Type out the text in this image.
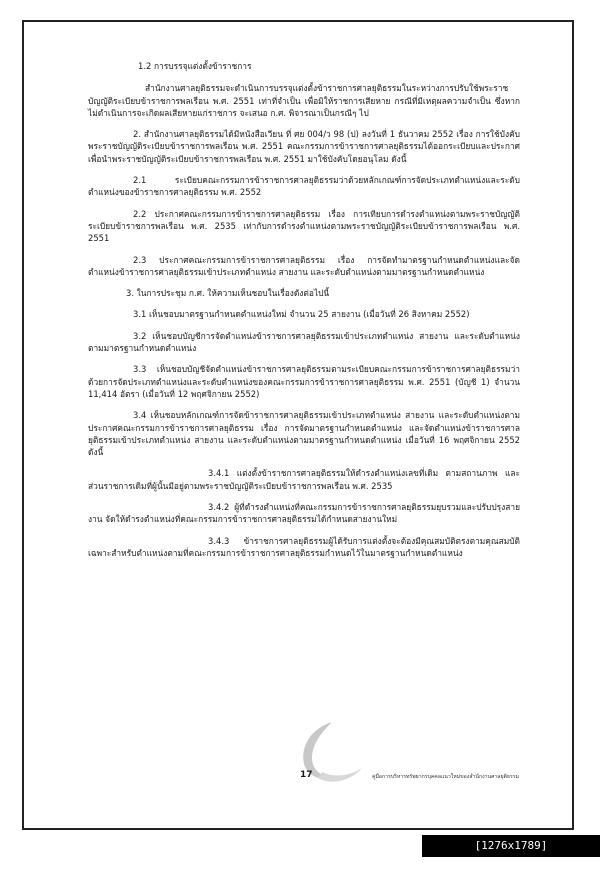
1.2 การบรรจุแต่งตั้งข้าราชการ

สำนักงานศาลยุติธรรมจะดำเนินการบรรจุแต่งตั้งข้าราชการศาลยุติธรรมในระหว่างการปรับใช้พระราชบัญญัติระเบียบข้าราชการพลเรือน พ.ศ. 2551 เท่าที่จำเป็น เพื่อมิให้ราชการเสียหาย กรณีที่มีเหตุผลความจำเป็น ซึ่งหากไม่ดำเนินการจะเกิดผลเสียหายแก่ราชการ จะเสนอ ก.ศ. พิจารณาเป็นกรณีๆ ไป

2. สำนักงานศาลยุติธรรมได้มีหนังสือเวียน ที่ ศย 004/ว 98 (ป) ลงวันที่ 1 ธันวาคม 2552 เรื่อง การใช้บังคับพระราชบัญญัติระเบียบข้าราชการพลเรือน พ.ศ. 2551 คณะกรรมการข้าราชการศาลยุติธรรมได้ออกระเบียบและประกาศ เพื่อนำพระราชบัญญัติระเบียบข้าราชการพลเรือน พ.ศ. 2551 มาใช้บังคับโดยอนุโลม ดังนี้

2.1 ระเบียบคณะกรรมการข้าราชการศาลยุติธรรมว่าด้วยหลักเกณฑ์การจัดประเภทตำแหน่งและระดับตำแหน่งของข้าราชการศาลยุติธรรม พ.ศ. 2552

2.2 ประกาศคณะกรรมการข้าราชการศาลยุติธรรม เรื่อง การเทียบการดำรงตำแหน่งตามพระราชบัญญัติระเบียบข้าราชการพลเรือน พ.ศ. 2535 เท่ากับการดำรงตำแหน่งตามพระราชบัญญัติระเบียบข้าราชการพลเรือน พ.ศ. 2551

2.3 ประกาศคณะกรรมการข้าราชการศาลยุติธรรม เรื่อง การจัดทำมาตรฐานกำหนดตำแหน่งและจัดตำแหน่งข้าราชการศาลยุติธรรมเข้าประเภทตำแหน่ง สายงาน และระดับตำแหน่งตามมาตรฐานกำหนดตำแหน่ง

3. ในการประชุม ก.ศ. ให้ความเห็นชอบในเรื่องดังต่อไปนี้

3.1 เห็นชอบมาตรฐานกำหนดตำแหน่งใหม่ จำนวน 25 สายงาน (เมื่อวันที่ 26 สิงหาคม 2552)

3.2 เห็นชอบบัญชีการจัดตำแหน่งข้าราชการศาลยุติธรรมเข้าประเภทตำแหน่ง สายงาน และระดับตำแหน่งตามมาตรฐานกำหนดตำแหน่ง

3.3 เห็นชอบบัญชีจัดตำแหน่งข้าราชการศาลยุติธรรมตามระเบียบคณะกรรมการข้าราชการศาลยุติธรรมว่าด้วยการจัดประเภทตำแหน่งและระดับตำแหน่งของคณะกรรมการข้าราชการศาลยุติธรรม พ.ศ. 2551 (บัญชี 1) จำนวน 11,414 อัตรา (เมื่อวันที่ 12 พฤศจิกายน 2552)

3.4 เห็นชอบหลักเกณฑ์การจัดข้าราชการศาลยุติธรรมเข้าประเภทตำแหน่ง สายงาน และระดับตำแหน่งตามประกาศคณะกรรมการข้าราชการศาลยุติธรรม เรื่อง การจัดมาตรฐานกำหนดตำแหน่ง และจัดตำแหน่งข้าราชการศาลยุติธรรมเข้าประเภทตำแหน่ง สายงาน และระดับตำแหน่งตามมาตรฐานกำหนดตำแหน่ง เมื่อวันที่ 16 พฤศจิกายน 2552 ดังนี้

3.4.1 แต่งตั้งข้าราชการศาลยุติธรรมให้ดำรงตำแหน่งเลขที่เดิม ตามสถานภาพ และส่วนราชการเดิมที่ผู้นั้นมีอยู่ตามพระราชบัญญัติระเบียบข้าราชการพลเรือน พ.ศ. 2535

3.4.2 ผู้ที่ดำรงตำแหน่งที่คณะกรรมการข้าราชการศาลยุติธรรมยุบรวมและปรับปรุงสายงาน จัดให้ดำรงตำแหน่งที่คณะกรรมการข้าราชการศาลยุติธรรมได้กำหนดสายงานใหม่

3.4.3 ข้าราชการศาลยุติธรรมผู้ได้รับการแต่งตั้งจะต้องมีคุณสมบัติตรงตามคุณสมบัติเฉพาะสำหรับตำแหน่งตามที่คณะกรรมการข้าราชการศาลยุติธรรมกำหนดไว้ในมาตรฐานกำหนดตำแหน่ง

17	คู่มือการบริหารทรัพยากรบุคคลแนวใหม่ของสำนักงานศาลยุติธรรม
[1276x1789] https://upic.me/
